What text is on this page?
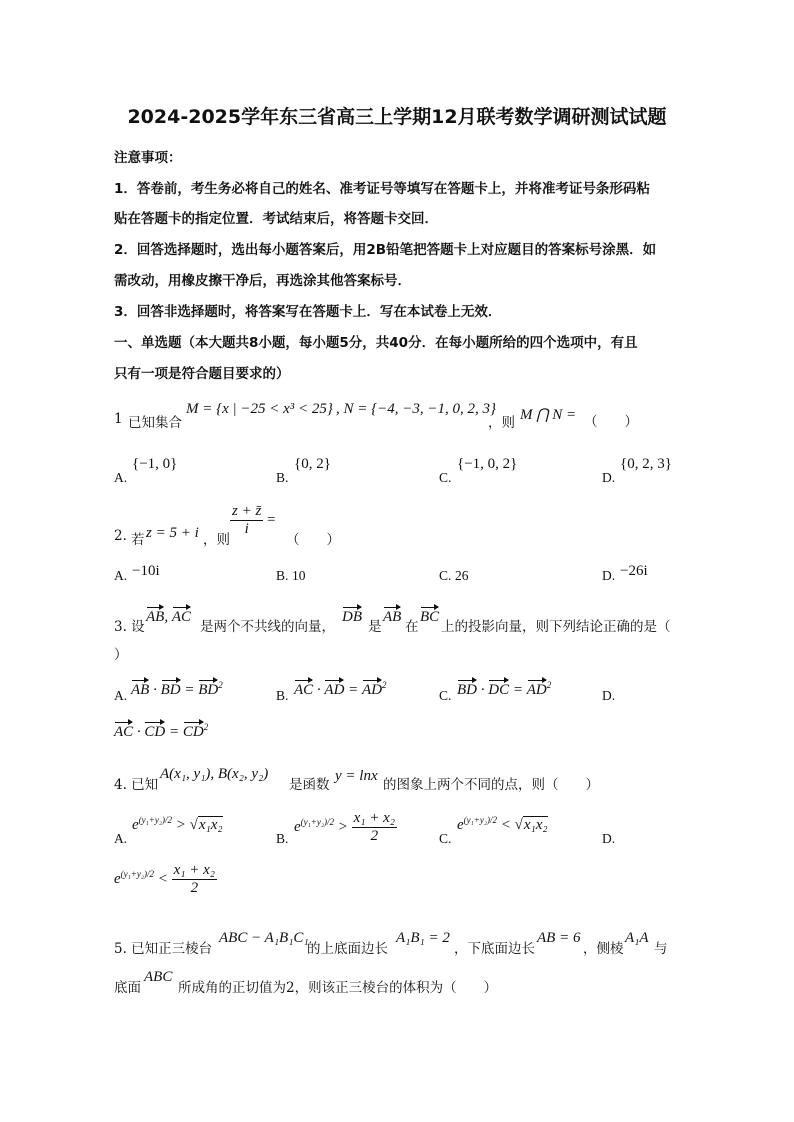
2024-2025学年东三省高三上学期12月联考数学调研测试试题
注意事项：
1．答卷前，考生务必将自己的姓名、准考证号等填写在答题卡上，并将准考证号条形码粘
贴在答题卡的指定位置．考试结束后，将答题卡交回．
2．回答选择题时，选出每小题答案后，用2B铅笔把答题卡上对应题目的答案标号涂黑．如
需改动，用橡皮擦干净后，再选涂其他答案标号．
3．回答非选择题时，将答案写在答题卡上．写在本试卷上无效．
一、单选题（本大题共8小题，每小题5分，共40分．在每小题所给的四个选项中，有且
只有一项是符合题目要求的）
1 已知集合
M = {x | −25 < x³ < 25} , N = {−4, −3, −1, 0, 2, 3}
，则 M ⋂ N = （　　）
A.
{−1, 0}
B.
{0, 2}
C.
{−1, 0, 2}
D.
{0, 2, 3}
2. 若 z = 5 + i ，则
$\frac{z + z̄}{i}$ =
（　　）
A. −10i	B. 10	C. 26	D. −26i
3. 设
AB, AC
是两个不共线的向量，
DB
是
AB
在
BC
上的投影向量，则下列结论正确的是（
）
A. AB · BD = $BD^2$
B. AC · AD = $AD^2$
C. BD · DC = $AD^2$
D.
AC · CD = $CD^2$
4. 已知
A(x₁, y₁), B(x₂, y₂)
是函数
y = lnx
的图象上两个不同的点，则（　　）
A.
$e^{(y_1+y_2)/2} > √x_1x_2$
B.
$e^{(y_1+y_2)/2} > \frac{\text{x₁ + x₂}}{2}$	C.
$e^{(y_1+y_2)/2} < √x_1x_2$
D.
$e^{(y_1+y_2)/2} < \frac{\text{x₁ + x₂}}{2}$
5. 已知正三棱台
ABC − A₁B₁C₁
的上底面边长
A₁B₁ = 2
，下底面边长
AB = 6
，侧棱
A₁A
与
底面
ABC
所成角的正切值为2，则该正三棱台的体积为（　　）
